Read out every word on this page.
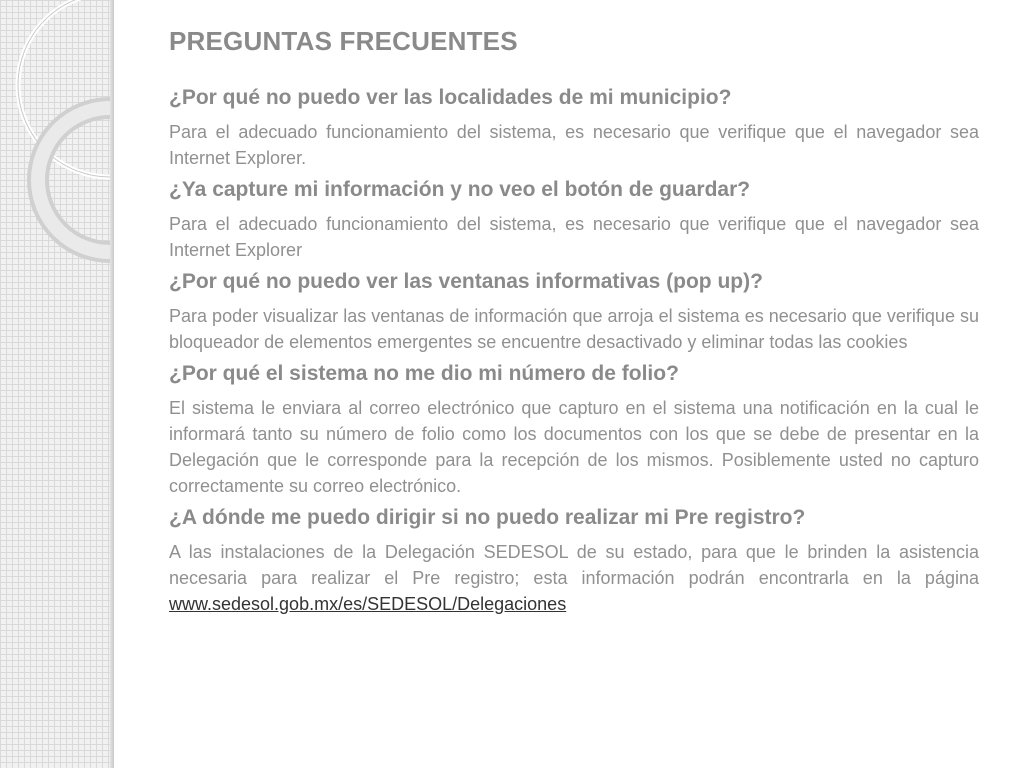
PREGUNTAS FRECUENTES

¿Por qué no puedo ver las localidades de mi municipio?

Para el adecuado funcionamiento del sistema, es necesario que verifique que el navegador sea Internet Explorer.

¿Ya capture mi información y no veo el botón de guardar?

Para el adecuado funcionamiento del sistema, es necesario que verifique que el navegador sea Internet Explorer

¿Por qué no puedo ver las ventanas informativas (pop up)?

Para poder visualizar las ventanas de información que arroja el sistema es necesario que verifique su bloqueador de elementos emergentes se encuentre desactivado y eliminar todas las cookies

¿Por qué el sistema no me dio mi número de folio?

El sistema le enviara al correo electrónico que capturo en el sistema una notificación en la cual le informará tanto su número de folio como los documentos con los que se debe de presentar en la Delegación que le corresponde para la recepción de los mismos. Posiblemente usted no capturo correctamente su correo electrónico.

¿A dónde me puedo dirigir si no puedo realizar mi Pre registro?

A las instalaciones de la Delegación SEDESOL de su estado, para que le brinden la asistencia necesaria para realizar el Pre registro; esta información podrán encontrarla en la página www.sedesol.gob.mx/es/SEDESOL/Delegaciones
